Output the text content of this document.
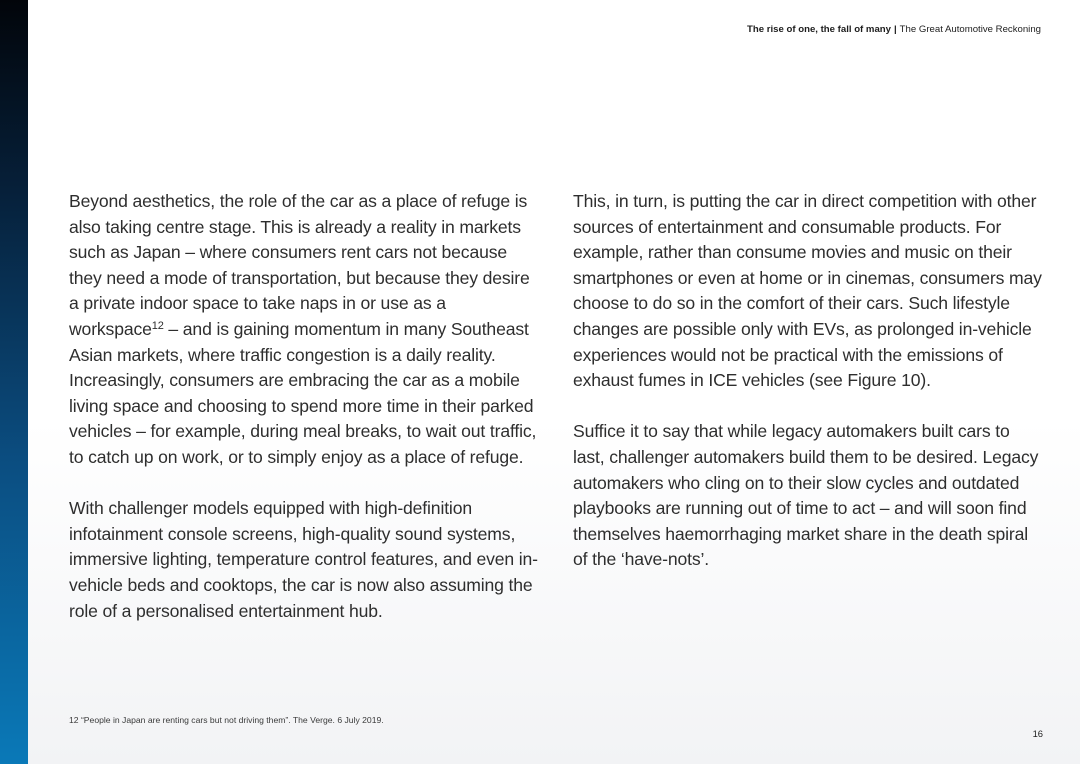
The rise of one, the fall of many | The Great Automotive Reckoning

Beyond aesthetics, the role of the car as a place of refuge is also taking centre stage. This is already a reality in markets such as Japan – where consumers rent cars not because they need a mode of transportation, but because they desire a private indoor space to take naps in or use as a workspace$^{12}$ – and is gaining momentum in many Southeast Asian markets, where traffic congestion is a daily reality. Increasingly, consumers are embracing the car as a mobile living space and choosing to spend more time in their parked vehicles – for example, during meal breaks, to wait out traffic, to catch up on work, or to simply enjoy as a place of refuge.

With challenger models equipped with high-definition infotainment console screens, high-quality sound systems, immersive lighting, temperature control features, and even in-vehicle beds and cooktops, the car is now also assuming the role of a personalised entertainment hub.

This, in turn, is putting the car in direct competition with other sources of entertainment and consumable products. For example, rather than consume movies and music on their smartphones or even at home or in cinemas, consumers may choose to do so in the comfort of their cars. Such lifestyle changes are possible only with EVs, as prolonged in-vehicle experiences would not be practical with the emissions of exhaust fumes in ICE vehicles (see Figure 10).

Suffice it to say that while legacy automakers built cars to last, challenger automakers build them to be desired. Legacy automakers who cling on to their slow cycles and outdated playbooks are running out of time to act – and will soon find themselves haemorrhaging market share in the death spiral of the ‘have-nots’.

12 “People in Japan are renting cars but not driving them”. The Verge. 6 July 2019.
16
